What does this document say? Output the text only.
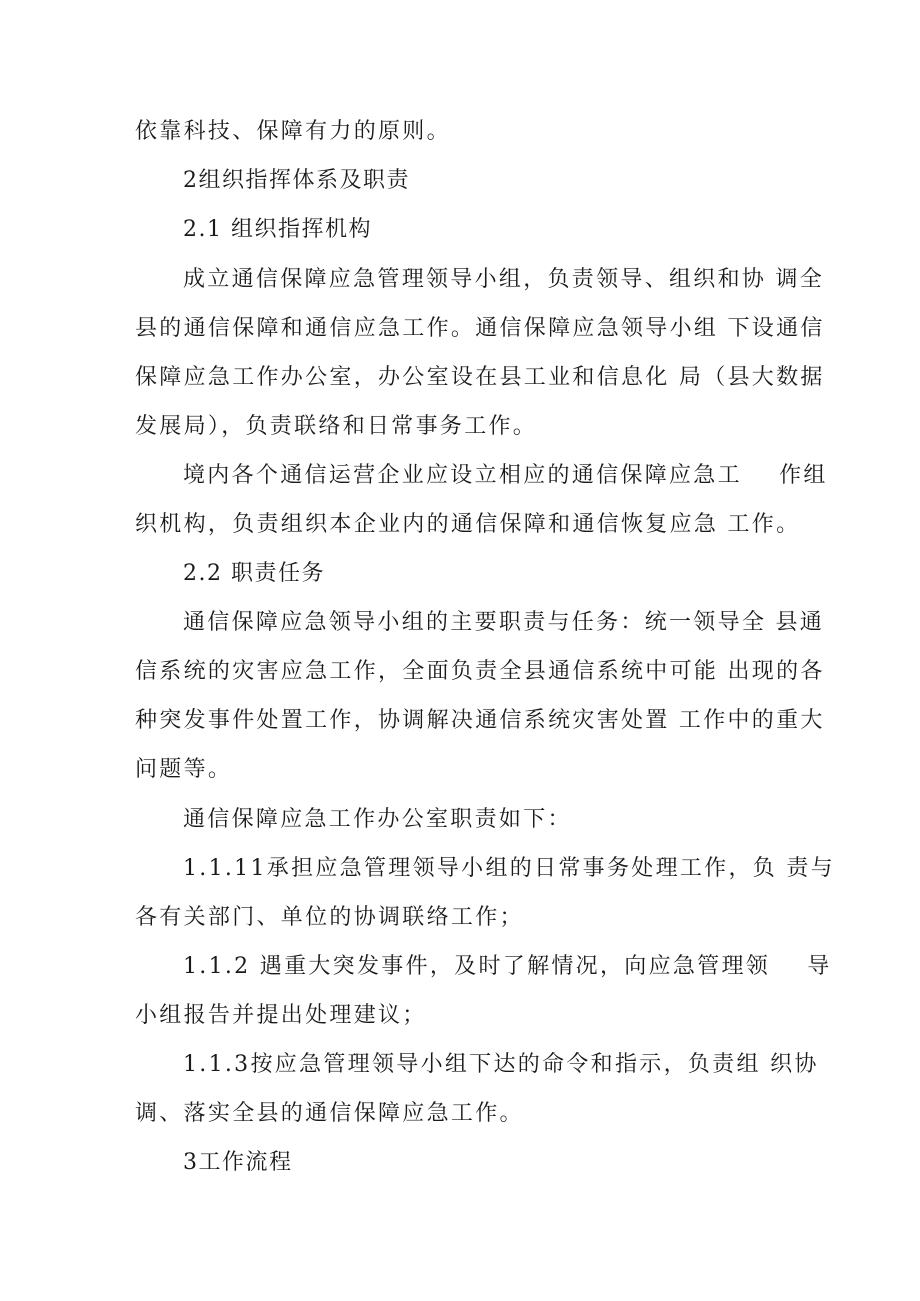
依靠科技、保障有力的原则。
2组织指挥体系及职责
2.1 组织指挥机构
成立通信保障应急管理领导小组，负责领导、组织和协 调全
县的通信保障和通信应急工作。通信保障应急领导小组 下设通信
保障应急工作办公室，办公室设在县工业和信息化 局（县大数据
发展局），负责联络和日常事务工作。
境内各个通信运营企业应设立相应的通信保障应急工    作组
织机构，负责组织本企业内的通信保障和通信恢复应急 工作。
2.2 职责任务
通信保障应急领导小组的主要职责与任务：统一领导全 县通
信系统的灾害应急工作，全面负责全县通信系统中可能 出现的各
种突发事件处置工作，协调解决通信系统灾害处置 工作中的重大
问题等。
通信保障应急工作办公室职责如下：
1.1.11承担应急管理领导小组的日常事务处理工作，负 责与
各有关部门、单位的协调联络工作；
1.1.2 遇重大突发事件，及时了解情况，向应急管理领    导
小组报告并提出处理建议；
1.1.3按应急管理领导小组下达的命令和指示，负责组 织协
调、落实全县的通信保障应急工作。
3工作流程
